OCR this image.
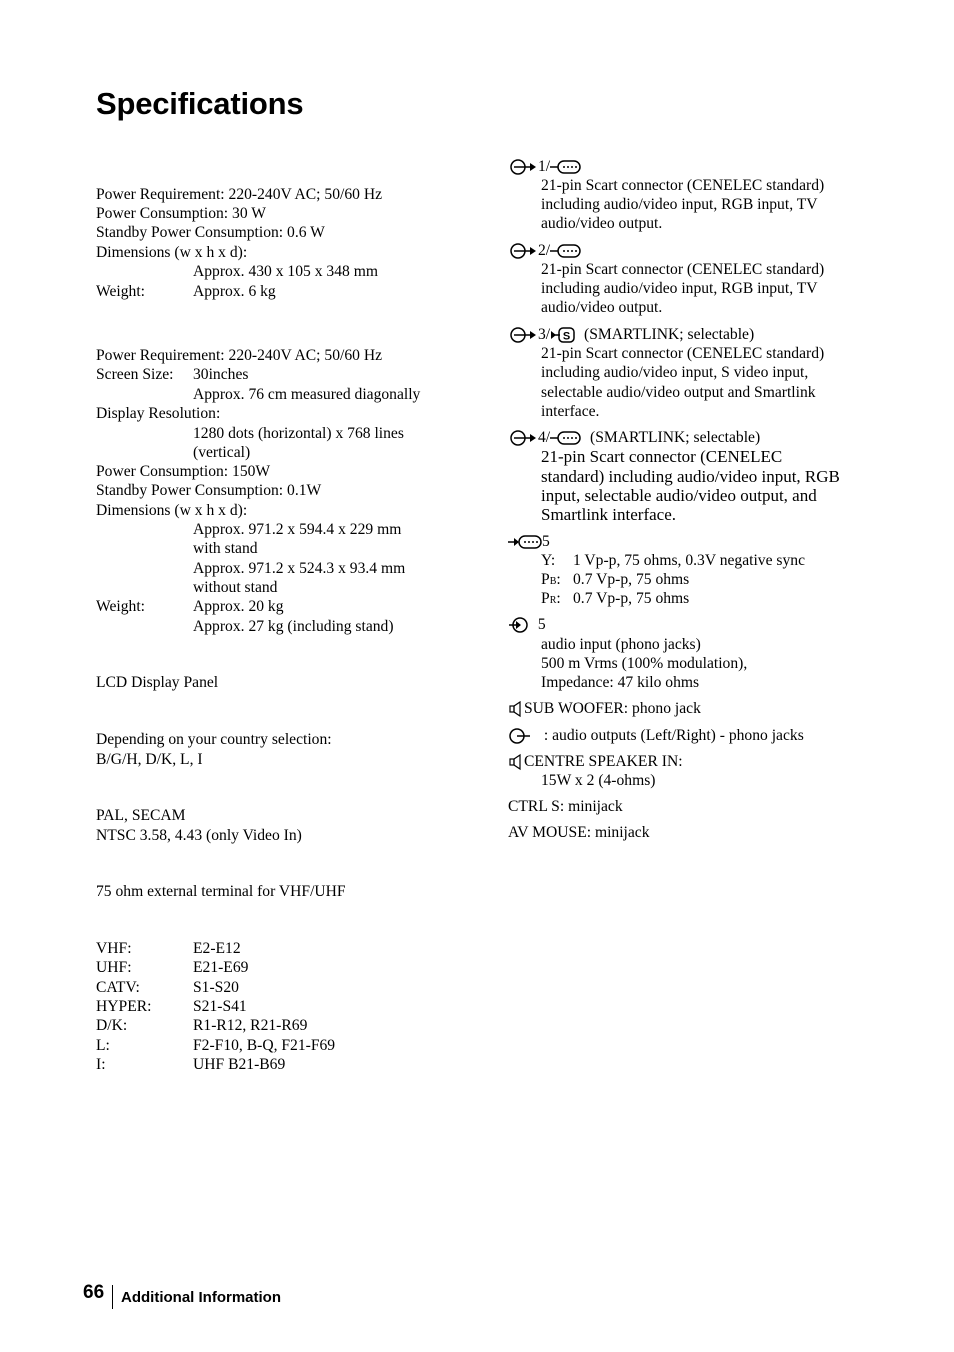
Specifications
Power Requirement: 220-240V AC; 50/60 Hz
Power Consumption: 30 W
Standby Power Consumption: 0.6 W
Dimensions (w x h x d):
Approx. 430 x 105 x 348 mm
Weight:	Approx. 6 kg
Power Requirement: 220-240V AC; 50/60 Hz
Screen Size: 30inches
Approx. 76 cm measured diagonally
Display Resolution:
1280 dots (horizontal) x 768 lines
(vertical)
Power Consumption: 150W
Standby Power Consumption: 0.1W
Dimensions (w x h x d):
Approx. 971.2 x 594.4 x 229 mm
with stand
Approx. 971.2 x 524.3 x 93.4 mm
without stand
Weight:	Approx. 20 kg
Approx. 27 kg (including stand)
LCD Display Panel
Depending on your country selection:
B/G/H, D/K, L, I
PAL, SECAM
NTSC 3.58, 4.43 (only Video In)
75 ohm external terminal for VHF/UHF
VHF:	E2-E12
UHF:	E21-E69
CATV:	S1-S20
HYPER:	S21-S41
D/K:	R1-R12, R21-R69
L:	F2-F10, B-Q, F21-F69
I:	UHF B21-B69
1/
21-pin Scart connector (CENELEC standard)
including audio/video input, RGB input, TV
audio/video output.
2/
21-pin Scart connector (CENELEC standard)
including audio/video input, RGB input, TV
audio/video output.
3/ S (SMARTLINK; selectable)
21-pin Scart connector (CENELEC standard)
including audio/video input, S video input,
selectable audio/video output and Smartlink
interface.
4/	(SMARTLINK; selectable)
21-pin Scart connector (CENELEC
standard) including audio/video input, RGB
input, selectable audio/video output, and
Smartlink interface.
5
Y: 1 Vp-p, 75 ohms, 0.3V negative sync
PB: 0.7 Vp-p, 75 ohms
PR: 0.7 Vp-p, 75 ohms
5
audio input (phono jacks)
500 m Vrms (100% modulation),
Impedance: 47 kilo ohms
SUB WOOFER: phono jack
: audio outputs (Left/Right) - phono jacks
CENTRE SPEAKER IN:
15W x 2 (4-ohms)
CTRL S: minijack
AV MOUSE: minijack
66 Additional Information
